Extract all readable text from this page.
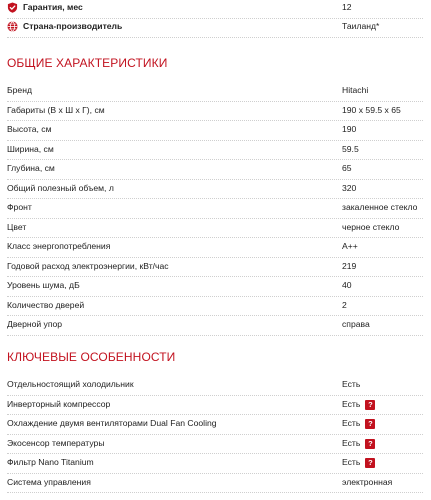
Гарантия, мес	12
Страна-производитель	Таиланд*
ОБЩИЕ ХАРАКТЕРИСТИКИ
Бренд	Hitachi
Габариты (В х Ш х Г), см	190 х 59.5 х 65
Высота, см	190
Ширина, см	59.5
Глубина, см	65
Общий полезный объем, л	320
Фронт	закаленное стекло
Цвет	черное стекло
Класс энергопотребления	A++
Годовой расход электроэнергии, кВт/час	219
Уровень шума, дБ	40
Количество дверей	2
Дверной упор	справа
КЛЮЧЕВЫЕ ОСОБЕННОСТИ
Отдельностоящий холодильник	Есть
Инверторный компрессор	Есть ?
Охлаждение двумя вентиляторами Dual Fan Cooling	Есть ?
Экосенсор температуры	Есть ?
Фильтр Nano Titanium	Есть ?
Система управления	электронная
